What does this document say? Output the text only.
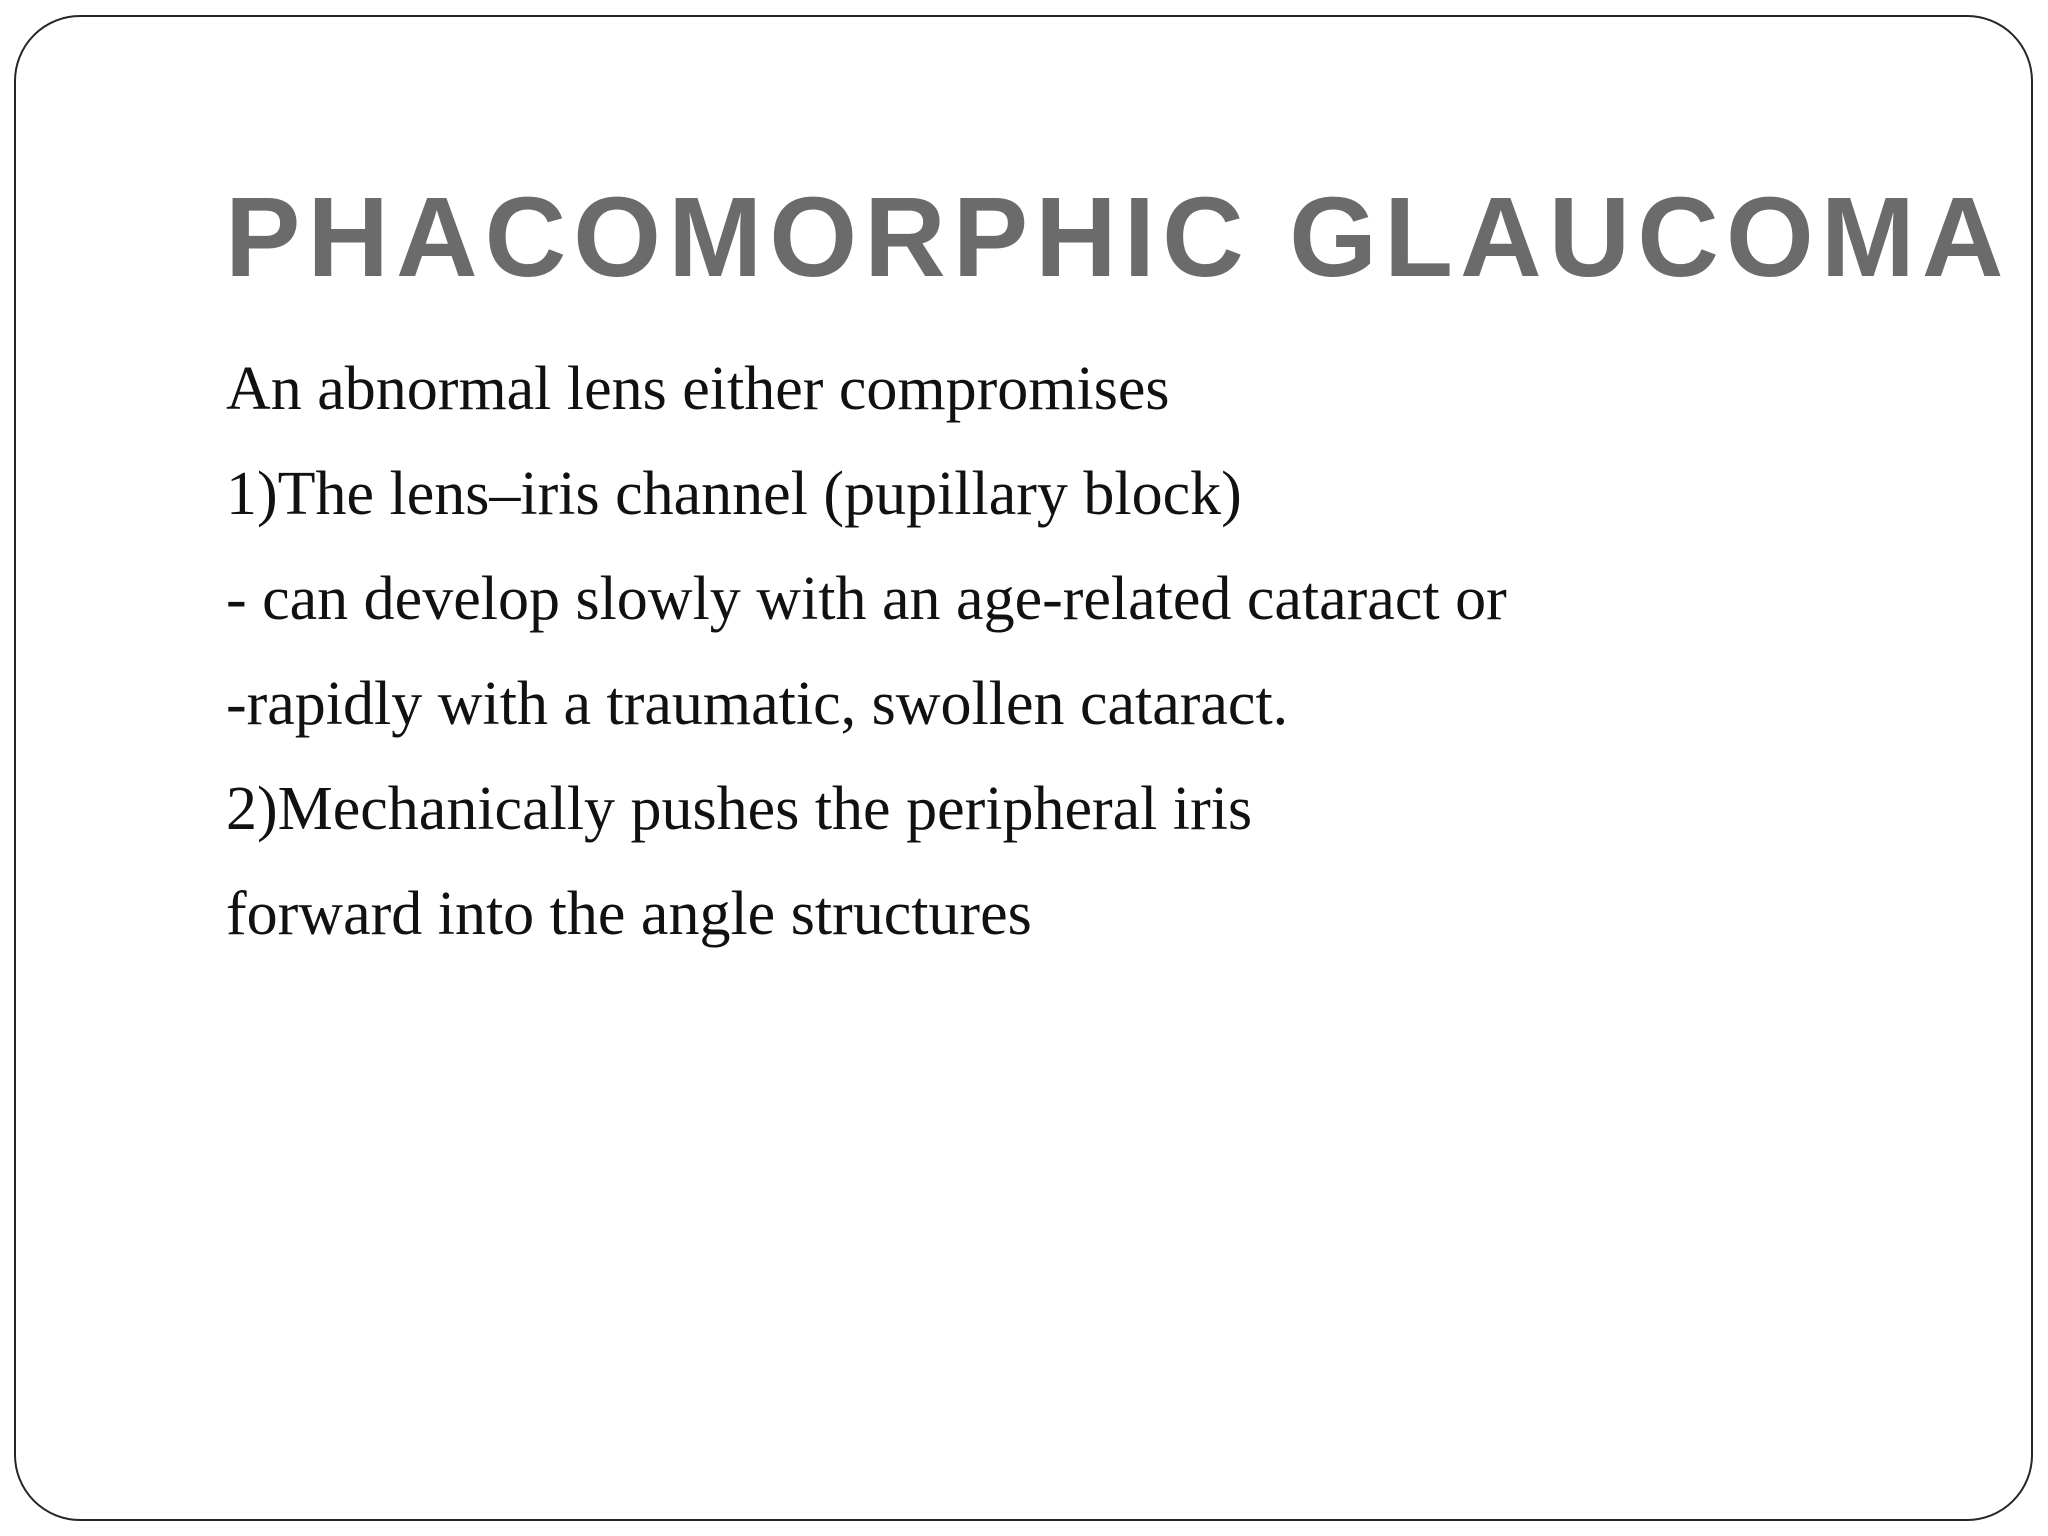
PHACOMORPHIC GLAUCOMA

An abnormal lens either compromises

1)The lens–iris channel (pupillary block)

- can develop slowly with an age-related cataract or

-rapidly with a traumatic, swollen cataract.

2)Mechanically pushes the peripheral iris

forward into the angle structures
